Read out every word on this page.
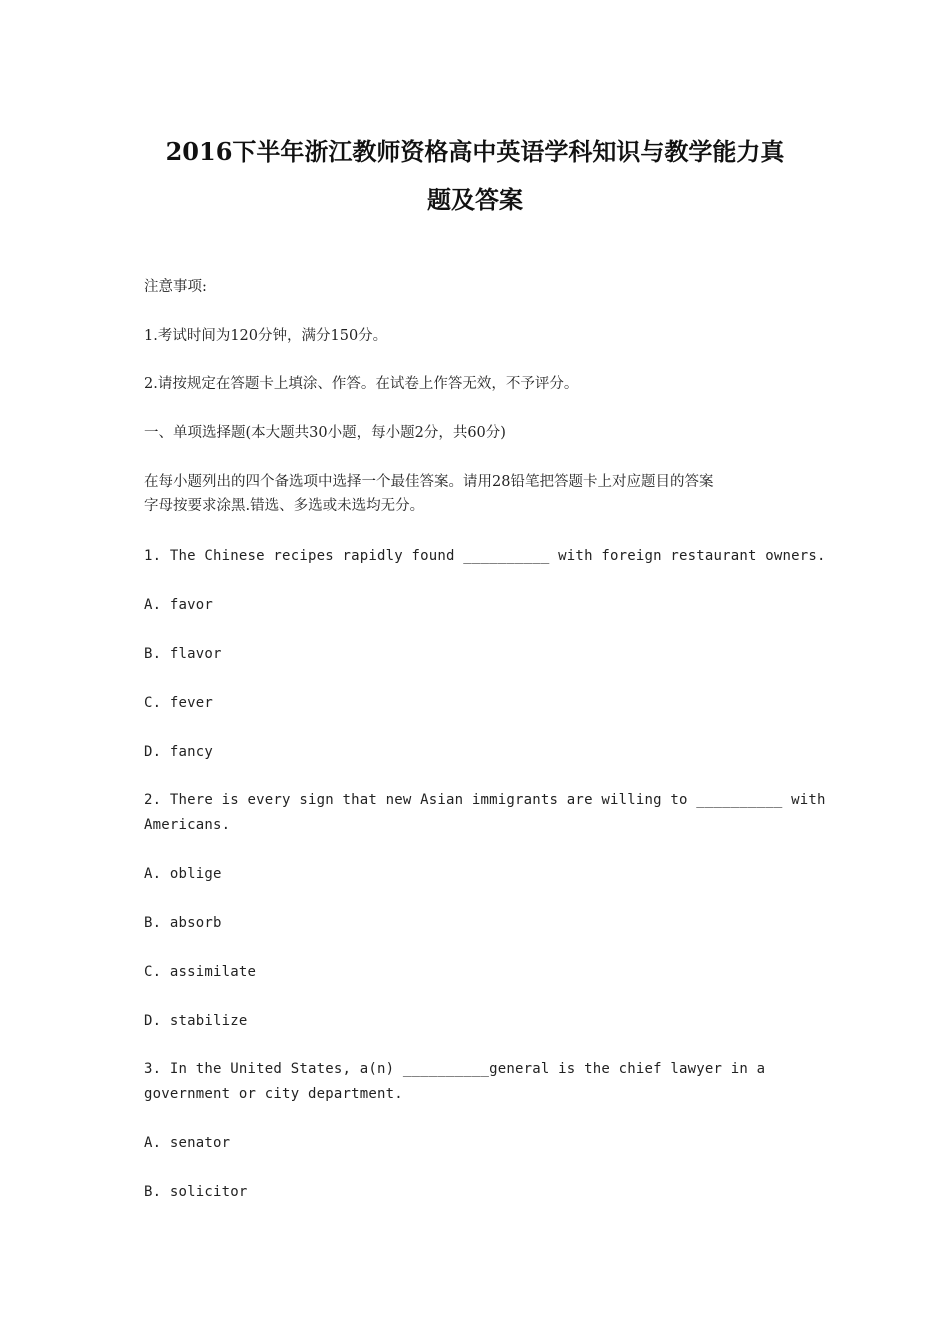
2016下半年浙江教师资格高中英语学科知识与教学能力真
题及答案
注意事项:
1.考试时间为120分钟，满分150分。
2.请按规定在答题卡上填涂、作答。在试卷上作答无效，不予评分。
一、单项选择题(本大题共30小题，每小题2分，共60分)
在每小题列出的四个备选项中选择一个最佳答案。请用28铅笔把答题卡上对应题目的答案
字母按要求涂黑.错选、多选或未选均无分。
1. The Chinese recipes rapidly found __________ with foreign restaurant owners.
A. favor
B. flavor
C. fever
D. fancy
2. There is every sign that new Asian immigrants are willing to __________ with
Americans.
A. oblige
B. absorb
C. assimilate
D. stabilize
3. In the United States, a(n) __________general is the chief lawyer in a
government or city department.
A. senator
B. solicitor
